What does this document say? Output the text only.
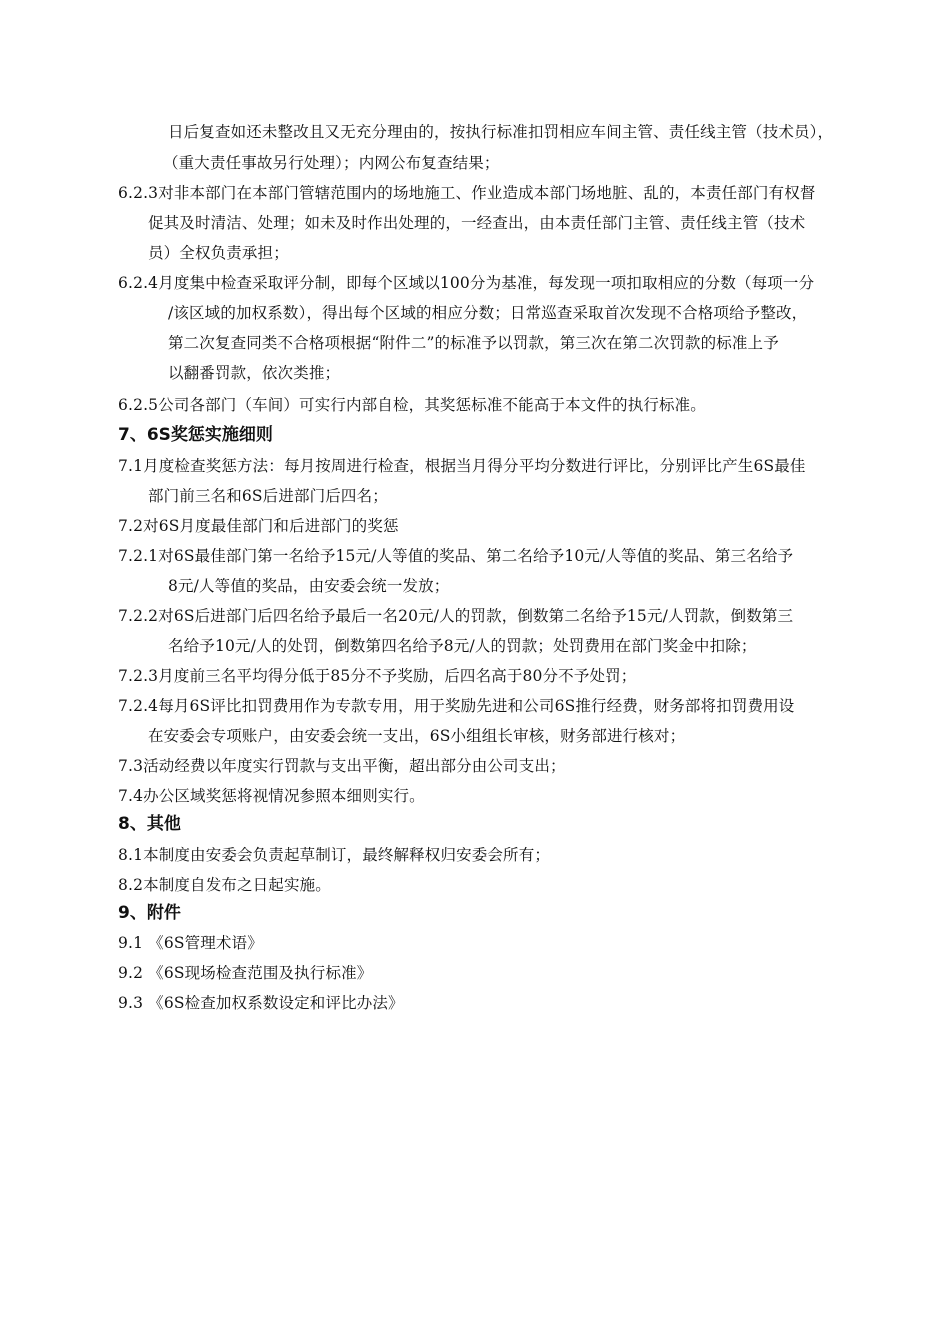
日后复查如还未整改且又无充分理由的，按执行标准扣罚相应车间主管、责任线主管（技术员），
（重大责任事故另行处理）；内网公布复查结果；
6.2.3对非本部门在本部门管辖范围内的场地施工、作业造成本部门场地脏、乱的，本责任部门有权督
促其及时清洁、处理；如未及时作出处理的，一经查出，由本责任部门主管、责任线主管（技术
员）全权负责承担；
6.2.4月度集中检查采取评分制，即每个区域以100分为基准，每发现一项扣取相应的分数（每项一分
/该区域的加权系数），得出每个区域的相应分数；日常巡查采取首次发现不合格项给予整改，
第二次复查同类不合格项根据“附件二”的标准予以罚款，第三次在第二次罚款的标准上予
以翻番罚款，依次类推；
6.2.5公司各部门（车间）可实行内部自检，其奖惩标准不能高于本文件的执行标准。
7、6S奖惩实施细则
7.1月度检查奖惩方法：每月按周进行检查，根据当月得分平均分数进行评比，分别评比产生6S最佳
部门前三名和6S后进部门后四名；
7.2对6S月度最佳部门和后进部门的奖惩
7.2.1对6S最佳部门第一名给予15元/人等值的奖品、第二名给予10元/人等值的奖品、第三名给予
8元/人等值的奖品，由安委会统一发放；
7.2.2对6S后进部门后四名给予最后一名20元/人的罚款，倒数第二名给予15元/人罚款，倒数第三
名给予10元/人的处罚，倒数第四名给予8元/人的罚款；处罚费用在部门奖金中扣除；
7.2.3月度前三名平均得分低于85分不予奖励，后四名高于80分不予处罚；
7.2.4每月6S评比扣罚费用作为专款专用，用于奖励先进和公司6S推行经费，财务部将扣罚费用设
在安委会专项账户，由安委会统一支出，6S小组组长审核，财务部进行核对；
7.3活动经费以年度实行罚款与支出平衡，超出部分由公司支出；
7.4办公区域奖惩将视情况参照本细则实行。
8、其他
8.1本制度由安委会负责起草制订，最终解释权归安委会所有；
8.2本制度自发布之日起实施。
9、附件
9.1 《6S管理术语》
9.2 《6S现场检查范围及执行标准》
9.3 《6S检查加权系数设定和评比办法》
